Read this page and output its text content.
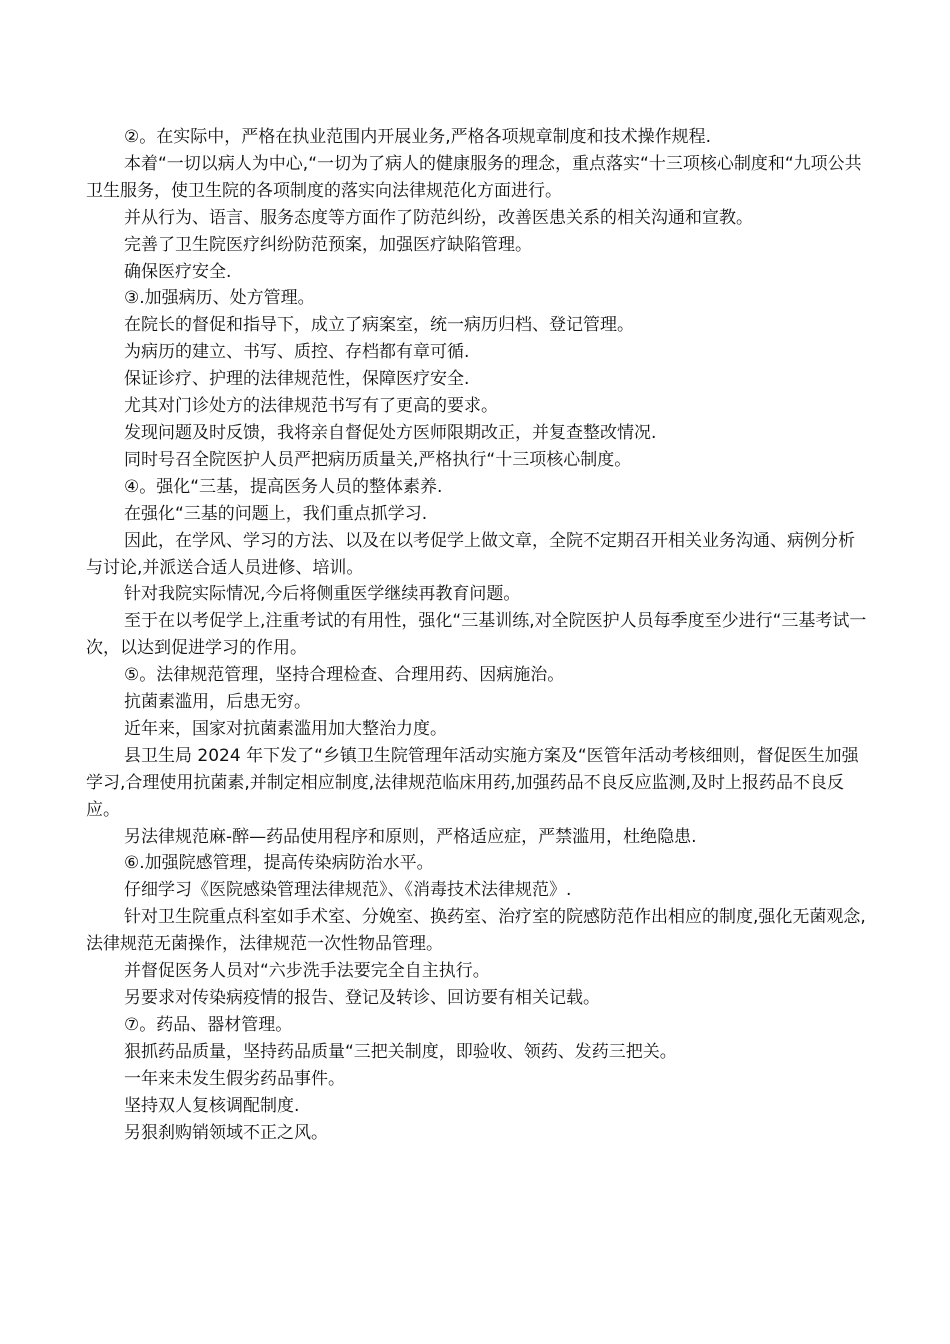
②。在实际中，严格在执业范围内开展业务,严格各项规章制度和技术操作规程.

本着“一切以病人为中心,“一切为了病人的健康服务的理念，重点落实“十三项核心制度和“九项公共卫生服务，使卫生院的各项制度的落实向法律规范化方面进行。

并从行为、语言、服务态度等方面作了防范纠纷，改善医患关系的相关沟通和宣教。

完善了卫生院医疗纠纷防范预案，加强医疗缺陷管理。

确保医疗安全.

③.加强病历、处方管理。

在院长的督促和指导下，成立了病案室，统一病历归档、登记管理。

为病历的建立、书写、质控、存档都有章可循.

保证诊疗、护理的法律规范性，保障医疗安全.

尤其对门诊处方的法律规范书写有了更高的要求。

发现问题及时反馈，我将亲自督促处方医师限期改正，并复查整改情况.

同时号召全院医护人员严把病历质量关,严格执行“十三项核心制度。

④。强化“三基，提高医务人员的整体素养.

在强化“三基的问题上，我们重点抓学习.

因此，在学风、学习的方法、以及在以考促学上做文章，全院不定期召开相关业务沟通、病例分析与讨论,并派送合适人员进修、培训。

针对我院实际情况,今后将侧重医学继续再教育问题。

至于在以考促学上,注重考试的有用性，强化“三基训练,对全院医护人员每季度至少进行“三基考试一次，以达到促进学习的作用。

⑤。法律规范管理，坚持合理检查、合理用药、因病施治。

抗菌素滥用，后患无穷。

近年来，国家对抗菌素滥用加大整治力度。

县卫生局 2024 年下发了“乡镇卫生院管理年活动实施方案及“医管年活动考核细则，督促医生加强学习,合理使用抗菌素,并制定相应制度,法律规范临床用药,加强药品不良反应监测,及时上报药品不良反应。

另法律规范麻-醉—药品使用程序和原则，严格适应症，严禁滥用，杜绝隐患.

⑥.加强院感管理，提高传染病防治水平。

仔细学习《医院感染管理法律规范》、《消毒技术法律规范》.

针对卫生院重点科室如手术室、分娩室、换药室、治疗室的院感防范作出相应的制度,强化无菌观念,法律规范无菌操作，法律规范一次性物品管理。

并督促医务人员对“六步洗手法要完全自主执行。

另要求对传染病疫情的报告、登记及转诊、回访要有相关记载。

⑦。药品、器材管理。

狠抓药品质量，坚持药品质量“三把关制度，即验收、领药、发药三把关。

一年来未发生假劣药品事件。

坚持双人复核调配制度.

另狠刹购销领域不正之风。
